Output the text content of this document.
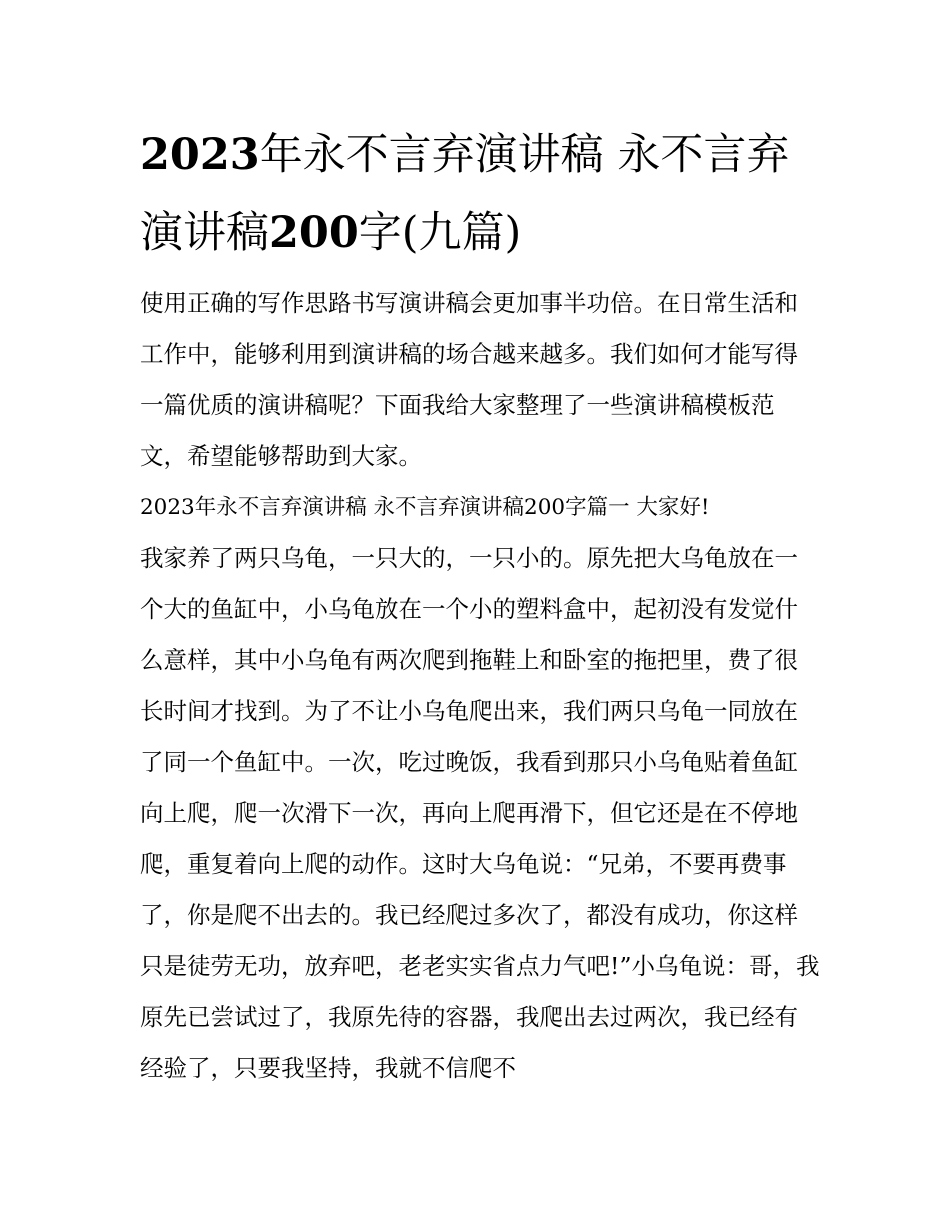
2023年永不言弃演讲稿 永不言弃演讲稿200字(九篇)

使用正确的写作思路书写演讲稿会更加事半功倍。在日常生活和工作中，能够利用到演讲稿的场合越来越多。我们如何才能写得一篇优质的演讲稿呢？下面我给大家整理了一些演讲稿模板范文，希望能够帮助到大家。

2023年永不言弃演讲稿 永不言弃演讲稿200字篇一 大家好!

我家养了两只乌龟，一只大的，一只小的。原先把大乌龟放在一个大的鱼缸中，小乌龟放在一个小的塑料盒中，起初没有发觉什么意样，其中小乌龟有两次爬到拖鞋上和卧室的拖把里，费了很长时间才找到。为了不让小乌龟爬出来，我们两只乌龟一同放在了同一个鱼缸中。一次，吃过晚饭，我看到那只小乌龟贴着鱼缸向上爬，爬一次滑下一次，再向上爬再滑下，但它还是在不停地爬，重复着向上爬的动作。这时大乌龟说：“兄弟，不要再费事了，你是爬不出去的。我已经爬过多次了，都没有成功，你这样只是徒劳无功，放弃吧，老老实实省点力气吧!”小乌龟说：哥，我原先已尝试过了，我原先待的容器，我爬出去过两次，我已经有经验了，只要我坚持，我就不信爬不
